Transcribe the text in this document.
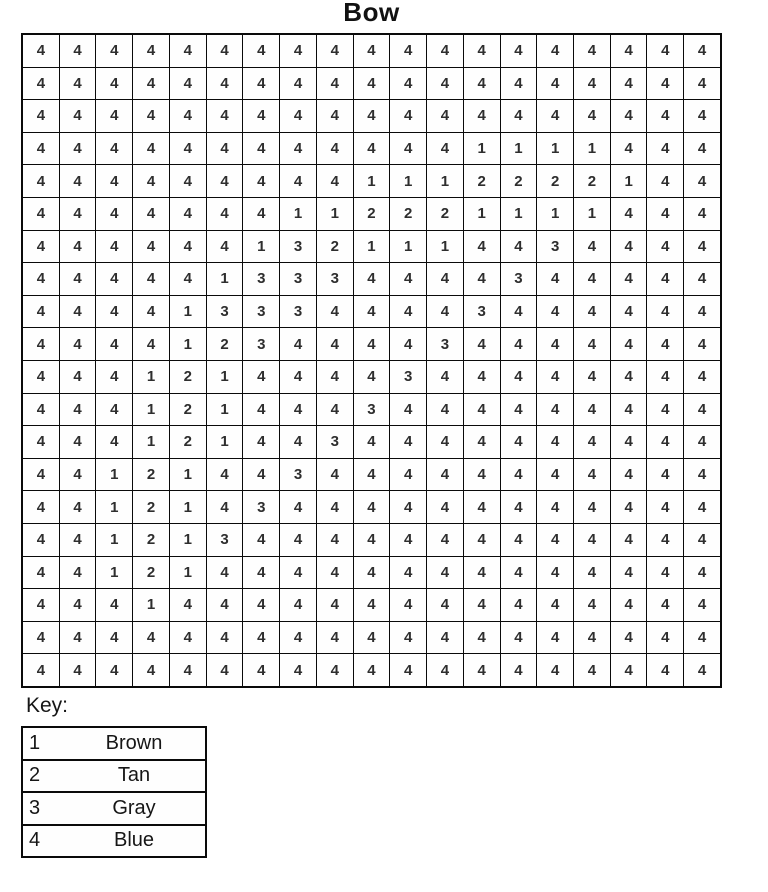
Bow
4	4	4	4	4	4	4	4	4	4	4	4	4	4	4	4	4	4	4
4	4	4	4	4	4	4	4	4	4	4	4	4	4	4	4	4	4	4
4	4	4	4	4	4	4	4	4	4	4	4	4	4	4	4	4	4	4
4	4	4	4	4	4	4	4	4	4	4	4	1	1	1	1	4	4	4
4	4	4	4	4	4	4	4	4	1	1	1	2	2	2	2	1	4	4
4	4	4	4	4	4	4	1	1	2	2	2	1	1	1	1	4	4	4
4	4	4	4	4	4	1	3	2	1	1	1	4	4	3	4	4	4	4
4	4	4	4	4	1	3	3	3	4	4	4	4	3	4	4	4	4	4
4	4	4	4	1	3	3	3	4	4	4	4	3	4	4	4	4	4	4
4	4	4	4	1	2	3	4	4	4	4	3	4	4	4	4	4	4	4
4	4	4	1	2	1	4	4	4	4	3	4	4	4	4	4	4	4	4
4	4	4	1	2	1	4	4	4	3	4	4	4	4	4	4	4	4	4
4	4	4	1	2	1	4	4	3	4	4	4	4	4	4	4	4	4	4
4	4	1	2	1	4	4	3	4	4	4	4	4	4	4	4	4	4	4
4	4	1	2	1	4	3	4	4	4	4	4	4	4	4	4	4	4	4
4	4	1	2	1	3	4	4	4	4	4	4	4	4	4	4	4	4	4
4	4	1	2	1	4	4	4	4	4	4	4	4	4	4	4	4	4	4
4	4	4	1	4	4	4	4	4	4	4	4	4	4	4	4	4	4	4
4	4	4	4	4	4	4	4	4	4	4	4	4	4	4	4	4	4	4
4	4	4	4	4	4	4	4	4	4	4	4	4	4	4	4	4	4	4
Key:
1	Brown
2	Tan
3	Gray
4	Blue
